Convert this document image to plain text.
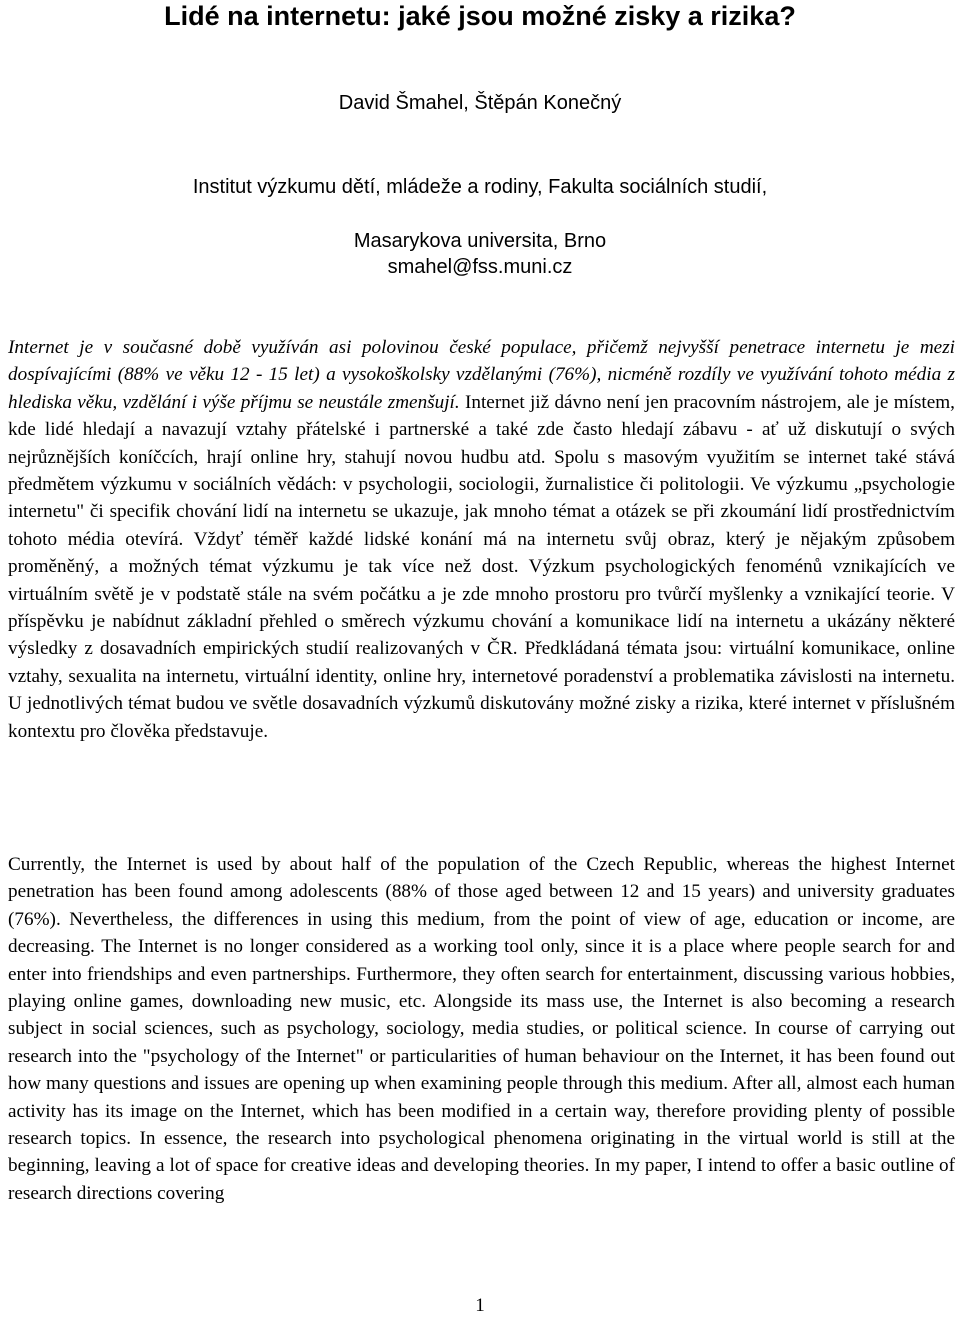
Lidé na internetu: jaké jsou možné zisky a rizika?
David Šmahel, Štěpán Konečný
Institut výzkumu dětí, mládeže a rodiny, Fakulta sociálních studií,
Masarykova universita, Brno
smahel@fss.muni.cz

Internet je v současné době využíván asi polovinou české populace, přičemž nejvyšší penetrace internetu je mezi dospívajícími (88% ve věku 12 - 15 let) a vysokoškolsky vzdělanými (76%), nicméně rozdíly ve využívání tohoto média z hlediska věku, vzdělání i výše příjmu se neustále zmenšují. Internet již dávno není jen pracovním nástrojem, ale je místem, kde lidé hledají a navazují vztahy přátelské i partnerské a také zde často hledají zábavu - ať už diskutují o svých nejrůznějších koníčcích, hrají online hry, stahují novou hudbu atd. Spolu s masovým využitím se internet také stává předmětem výzkumu v sociálních vědách: v psychologii, sociologii, žurnalistice či politologii. Ve výzkumu „psychologie internetu" či specifik chování lidí na internetu se ukazuje, jak mnoho témat a otázek se při zkoumání lidí prostřednictvím tohoto média otevírá. Vždyť téměř každé lidské konání má na internetu svůj obraz, který je nějakým způsobem proměněný, a možných témat výzkumu je tak více než dost. Výzkum psychologických fenoménů vznikajících ve virtuálním světě je v podstatě stále na svém počátku a je zde mnoho prostoru pro tvůrčí myšlenky a vznikající teorie. V příspěvku je nabídnut základní přehled o směrech výzkumu chování a komunikace lidí na internetu a ukázány některé výsledky z dosavadních empirických studií realizovaných v ČR. Předkládaná témata jsou: virtuální komunikace, online vztahy, sexualita na internetu, virtuální identity, online hry, internetové poradenství a problematika závislosti na internetu. U jednotlivých témat budou ve světle dosavadních výzkumů diskutovány možné zisky a rizika, které internet v příslušném kontextu pro člověka představuje.

Currently, the Internet is used by about half of the population of the Czech Republic, whereas the highest Internet penetration has been found among adolescents (88% of those aged between 12 and 15 years) and university graduates (76%). Nevertheless, the differences in using this medium, from the point of view of age, education or income, are decreasing. The Internet is no longer considered as a working tool only, since it is a place where people search for and enter into friendships and even partnerships. Furthermore, they often search for entertainment, discussing various hobbies, playing online games, downloading new music, etc. Alongside its mass use, the Internet is also becoming a research subject in social sciences, such as psychology, sociology, media studies, or political science. In course of carrying out research into the "psychology of the Internet" or particularities of human behaviour on the Internet, it has been found out how many questions and issues are opening up when examining people through this medium. After all, almost each human activity has its image on the Internet, which has been modified in a certain way, therefore providing plenty of possible research topics. In essence, the research into psychological phenomena originating in the virtual world is still at the beginning, leaving a lot of space for creative ideas and developing theories. In my paper, I intend to offer a basic outline of research directions covering

1
